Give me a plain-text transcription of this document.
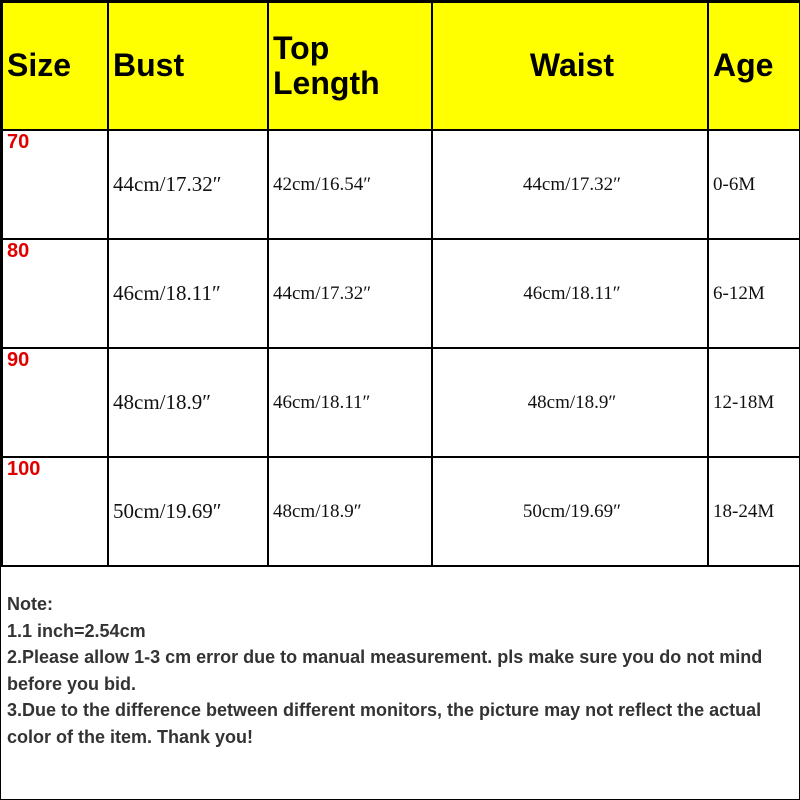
Size	Bust	Top Length	Waist	Age
70	44cm/17.32″	42cm/16.54″	44cm/17.32″	0-6M
80	46cm/18.11″	44cm/17.32″	46cm/18.11″	6-12M
90	48cm/18.9″	46cm/18.11″	48cm/18.9″	12-18M
100	50cm/19.69″	48cm/18.9″	50cm/19.69″	18-24M
Note:
1.1 inch=2.54cm
2.Please allow 1-3 cm error due to manual measurement. pls make sure you do not mind before you bid.
3.Due to the difference between different monitors, the picture may not reflect the actual color of the item. Thank you!
